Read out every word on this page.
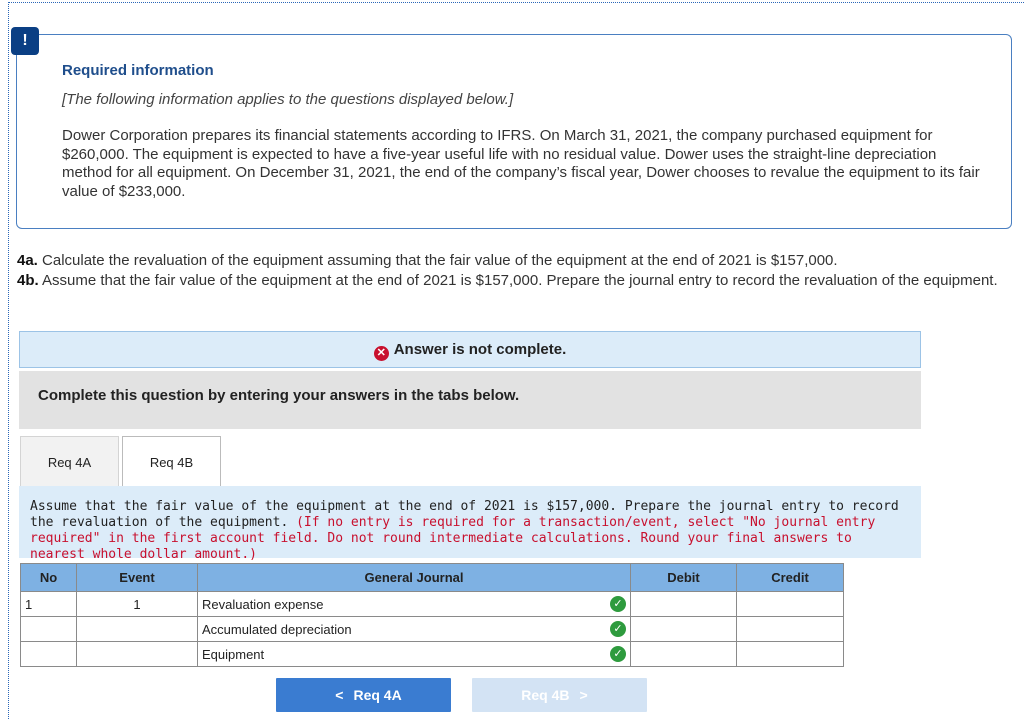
Required information
[The following information applies to the questions displayed below.]
Dower Corporation prepares its financial statements according to IFRS. On March 31, 2021, the company purchased equipment for $260,000. The equipment is expected to have a five-year useful life with no residual value. Dower uses the straight-line depreciation method for all equipment. On December 31, 2021, the end of the company’s fiscal year, Dower chooses to revalue the equipment to its fair value of $233,000.
!
4a. Calculate the revaluation of the equipment assuming that the fair value of the equipment at the end of 2021 is $157,000.
4b. Assume that the fair value of the equipment at the end of 2021 is $157,000. Prepare the journal entry to record the revaluation of the equipment.
✕ Answer is not complete.
Complete this question by entering your answers in the tabs below.
Req 4A	Req 4B
Assume that the fair value of the equipment at the end of 2021 is $157,000. Prepare the journal entry to record the revaluation of the equipment. (If no entry is required for a transaction/event, select "No journal entry required" in the first account field. Do not round intermediate calculations. Round your final answers to nearest whole dollar amount.)
No	Event	General Journal	Debit	Credit
1	1	Revaluation expense ✓		

		Accumulated depreciation ✓		

		Equipment ✓		

< Req 4A	Req 4B >
